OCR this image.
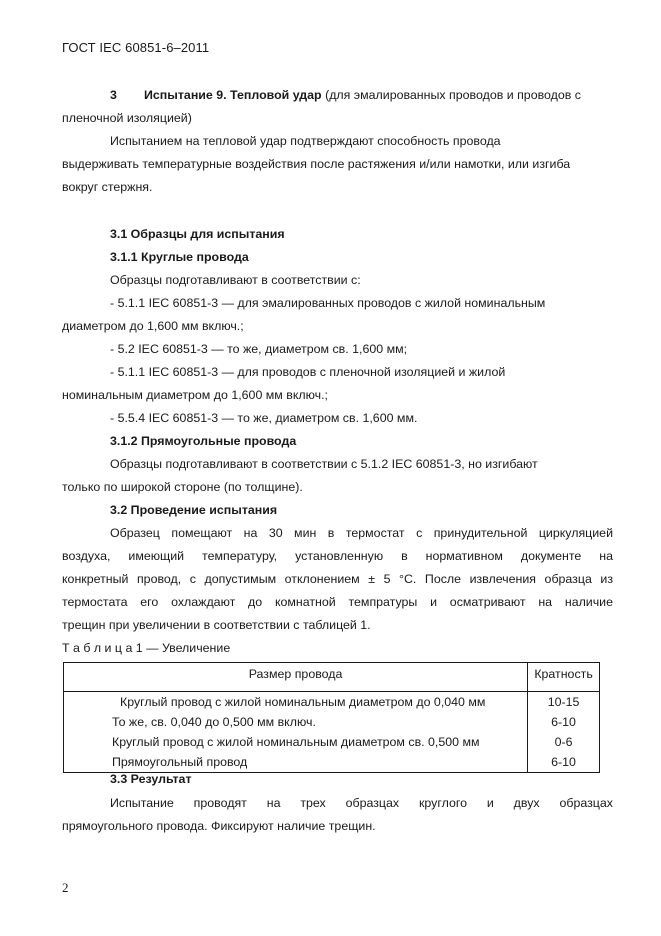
ГОСТ IEC 60851-6–2011
3 Испытание 9. Тепловой удар (для эмалированных проводов и проводов с
пленочной изоляцией)
Испытанием на тепловой удар подтверждают способность провода
выдерживать температурные воздействия после растяжения и/или намотки, или изгиба
вокруг стержня.
3.1 Образцы для испытания
3.1.1 Круглые провода
Образцы подготавливают в соответствии с:
- 5.1.1 IEC 60851-3 — для эмалированных проводов с жилой номинальным
диаметром до 1,600 мм включ.;
- 5.2 IEC 60851-3 — то же, диаметром св. 1,600 мм;
- 5.1.1 IEC 60851-3 — для проводов с пленочной изоляцией и жилой
номинальным диаметром до 1,600 мм включ.;
- 5.5.4 IEC 60851-3 — то же, диаметром св. 1,600 мм.
3.1.2 Прямоугольные провода
Образцы подготавливают в соответствии с 5.1.2 IEC 60851-3, но изгибают
только по широкой стороне (по толщине).
3.2 Проведение испытания
Образец помещают на 30 мин в термостат с принудительной циркуляцией
воздуха, имеющий температуру, установленную в нормативном документе на
конкретный провод, с допустимым отклонением ± 5 °С. После извлечения образца из
термостата его охлаждают до комнатной темпратуры и осматривают на наличие
трещин при увеличении в соответствии с таблицей 1.
Т а б л и ц а 1 — Увеличение
Размер провода	Кратность
Круглый провод с жилой номинальным диаметром до 0,040 мм	10-15
То же, св. 0,040 до 0,500 мм включ.	6-10
Круглый провод с жилой номинальным диаметром св. 0,500 мм	0-6
Прямоугольный провод	6-10
3.3 Результат
Испытание проводят на трех образцах круглого и двух образцах
прямоугольного провода. Фиксируют наличие трещин.
2
